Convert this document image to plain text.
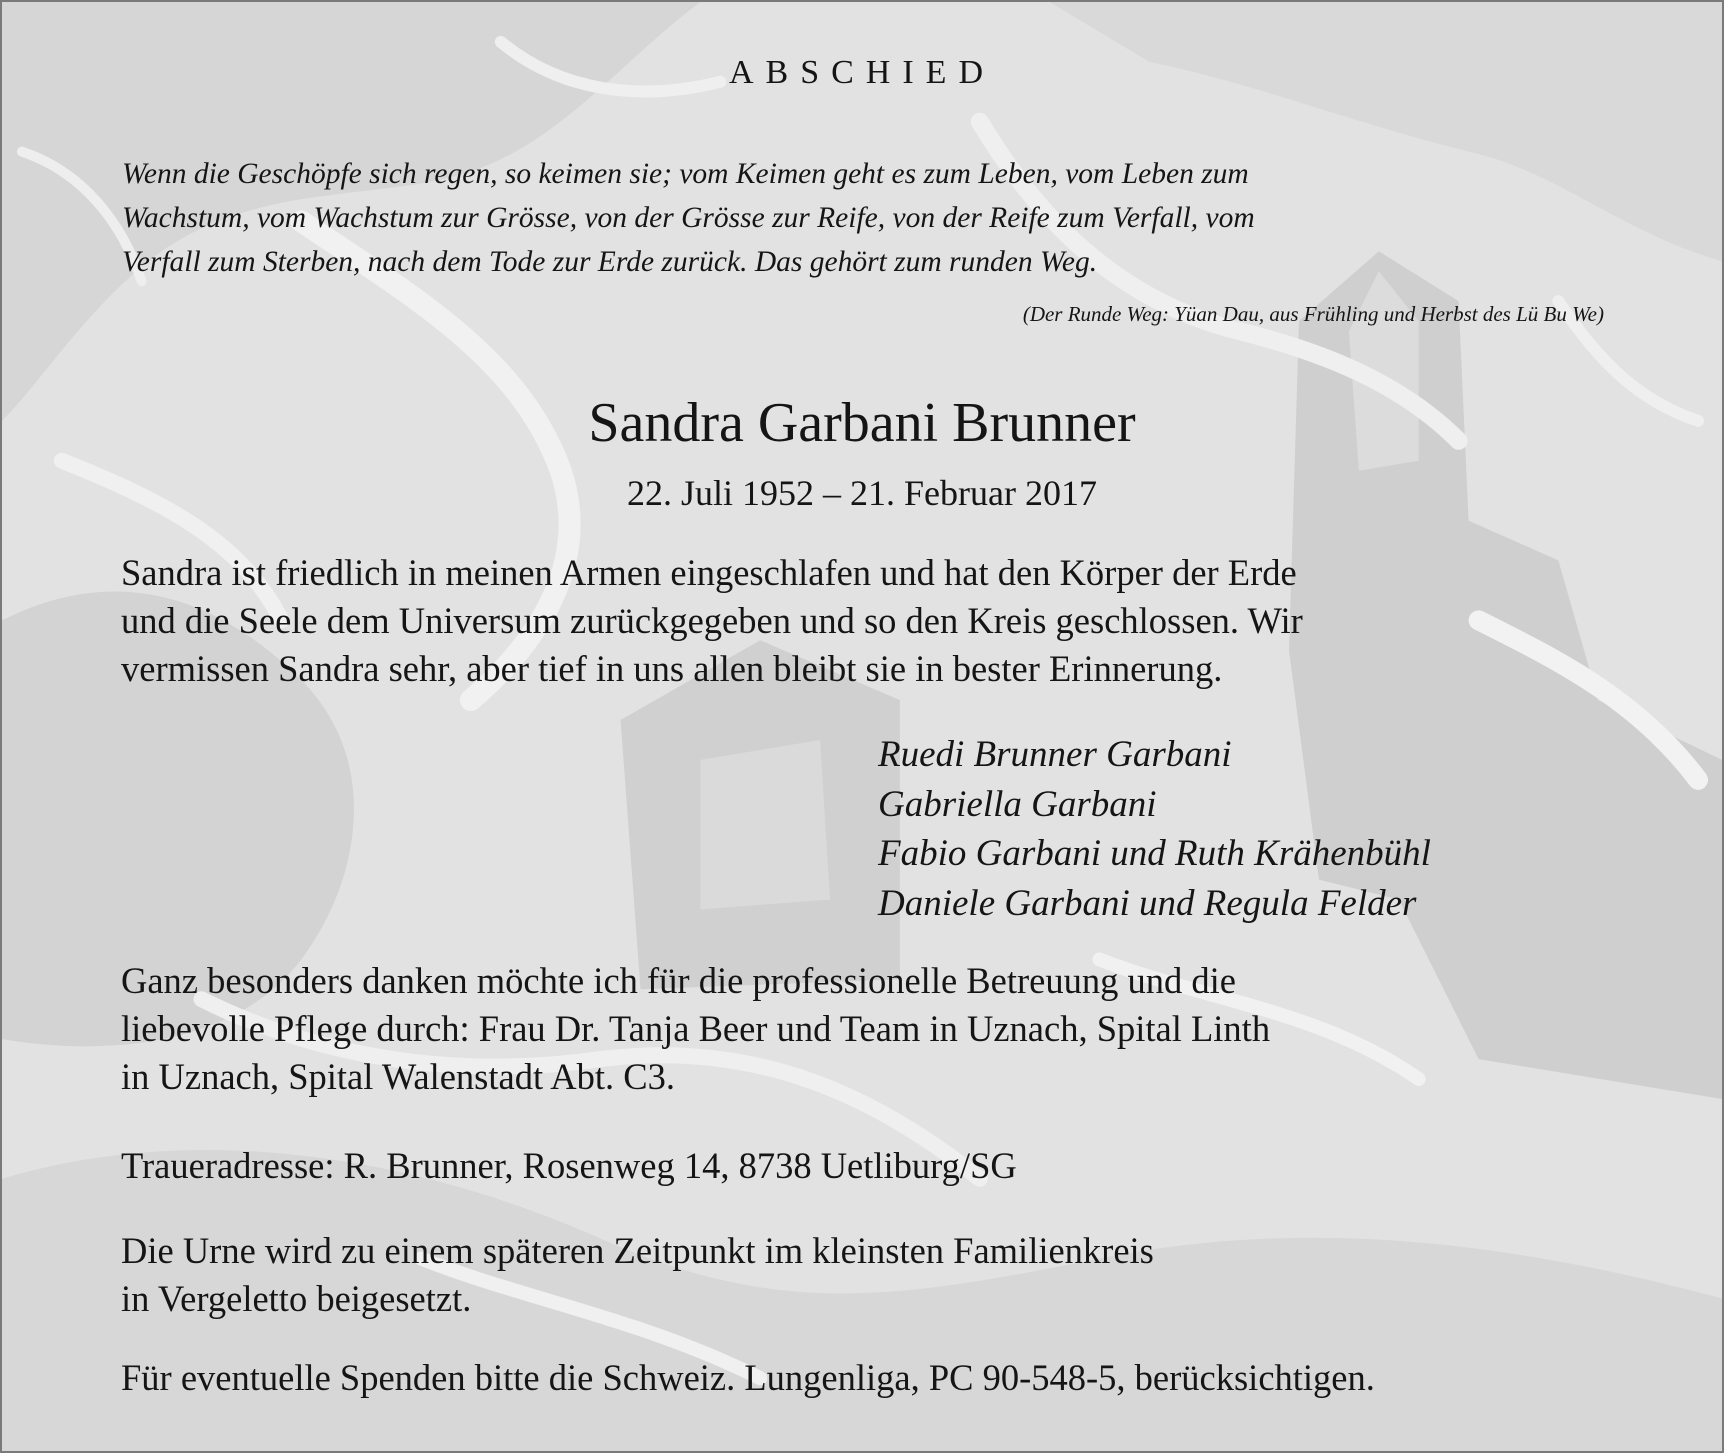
ABSCHIED
Wenn die Geschöpfe sich regen, so keimen sie; vom Keimen geht es zum Leben, vom Leben zum
Wachstum, vom Wachstum zur Grösse, von der Grösse zur Reife, von der Reife zum Verfall, vom
Verfall zum Sterben, nach dem Tode zur Erde zurück. Das gehört zum runden Weg.
(Der Runde Weg: Yüan Dau, aus Frühling und Herbst des Lü Bu We)
Sandra Garbani Brunner
22. Juli 1952 – 21. Februar 2017
Sandra ist friedlich in meinen Armen eingeschlafen und hat den Körper der Erde
und die Seele dem Universum zurückgegeben und so den Kreis geschlossen. Wir
vermissen Sandra sehr, aber tief in uns allen bleibt sie in bester Erinnerung.
Ruedi Brunner Garbani
Gabriella Garbani
Fabio Garbani und Ruth Krähenbühl
Daniele Garbani und Regula Felder
Ganz besonders danken möchte ich für die professionelle Betreuung und die
liebevolle Pflege durch: Frau Dr. Tanja Beer und Team in Uznach, Spital Linth
in Uznach, Spital Walenstadt Abt. C3.
Traueradresse: R. Brunner, Rosenweg 14, 8738 Uetliburg/SG
Die Urne wird zu einem späteren Zeitpunkt im kleinsten Familienkreis
in Vergeletto beigesetzt.
Für eventuelle Spenden bitte die Schweiz. Lungenliga, PC 90-548-5, berücksichtigen.
